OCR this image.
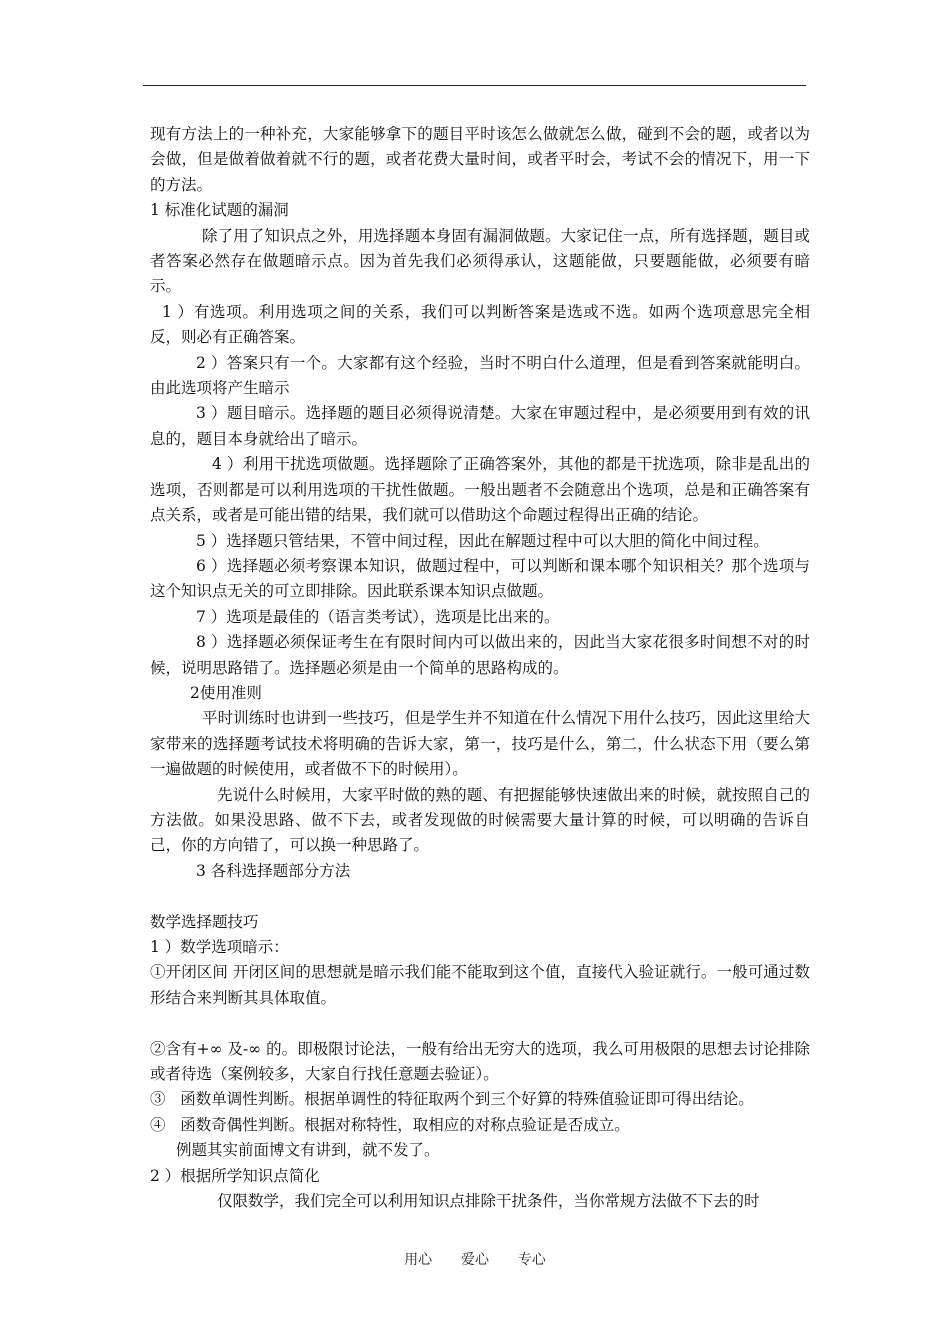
现有方法上的一种补充，大家能够拿下的题目平时该怎么做就怎么做，碰到不会的题，或者以为会做，但是做着做着就不行的题，或者花费大量时间，或者平时会，考试不会的情况下，用一下的方法。

1 标准化试题的漏洞

除了用了知识点之外，用选择题本身固有漏洞做题。大家记住一点，所有选择题，题目或者答案必然存在做题暗示点。因为首先我们必须得承认，这题能做，只要题能做，必须要有暗示。

1 ）有选项。利用选项之间的关系，我们可以判断答案是选或不选。如两个选项意思完全相反，则必有正确答案。

2 ）答案只有一个。大家都有这个经验，当时不明白什么道理，但是看到答案就能明白。由此选项将产生暗示

3 ）题目暗示。选择题的题目必须得说清楚。大家在审题过程中，是必须要用到有效的讯息的，题目本身就给出了暗示。

4 ）利用干扰选项做题。选择题除了正确答案外，其他的都是干扰选项，除非是乱出的选项，否则都是可以利用选项的干扰性做题。一般出题者不会随意出个选项，总是和正确答案有点关系，或者是可能出错的结果，我们就可以借助这个命题过程得出正确的结论。

5 ）选择题只管结果，不管中间过程，因此在解题过程中可以大胆的简化中间过程。

6 ）选择题必须考察课本知识，做题过程中，可以判断和课本哪个知识相关？那个选项与这个知识点无关的可立即排除。因此联系课本知识点做题。

7 ）选项是最佳的（语言类考试），选项是比出来的。

8 ）选择题必须保证考生在有限时间内可以做出来的，因此当大家花很多时间想不对的时候，说明思路错了。选择题必须是由一个简单的思路构成的。

2使用准则

平时训练时也讲到一些技巧，但是学生并不知道在什么情况下用什么技巧，因此这里给大家带来的选择题考试技术将明确的告诉大家，第一，技巧是什么，第二，什么状态下用（要么第一遍做题的时候使用，或者做不下的时候用）。

先说什么时候用，大家平时做的熟的题、有把握能够快速做出来的时候，就按照自己的方法做。如果没思路、做不下去，或者发现做的时候需要大量计算的时候，可以明确的告诉自己，你的方向错了，可以换一种思路了。

3 各科选择题部分方法

数学选择题技巧

1 ）数学选项暗示：

①开闭区间 开闭区间的思想就是暗示我们能不能取到这个值，直接代入验证就行。一般可通过数形结合来判断其具体取值。

②含有+∞ 及-∞ 的。即极限讨论法，一般有给出无穷大的选项，我么可用极限的思想去讨论排除或者待选（案例较多，大家自行找任意题去验证）。

③   函数单调性判断。根据单调性的特征取两个到三个好算的特殊值验证即可得出结论。

④   函数奇偶性判断。根据对称特性，取相应的对称点验证是否成立。

例题其实前面博文有讲到，就不发了。

2 ）根据所学知识点简化

仅限数学，我们完全可以利用知识点排除干扰条件，当你常规方法做不下去的时

用心  爱心  专心
